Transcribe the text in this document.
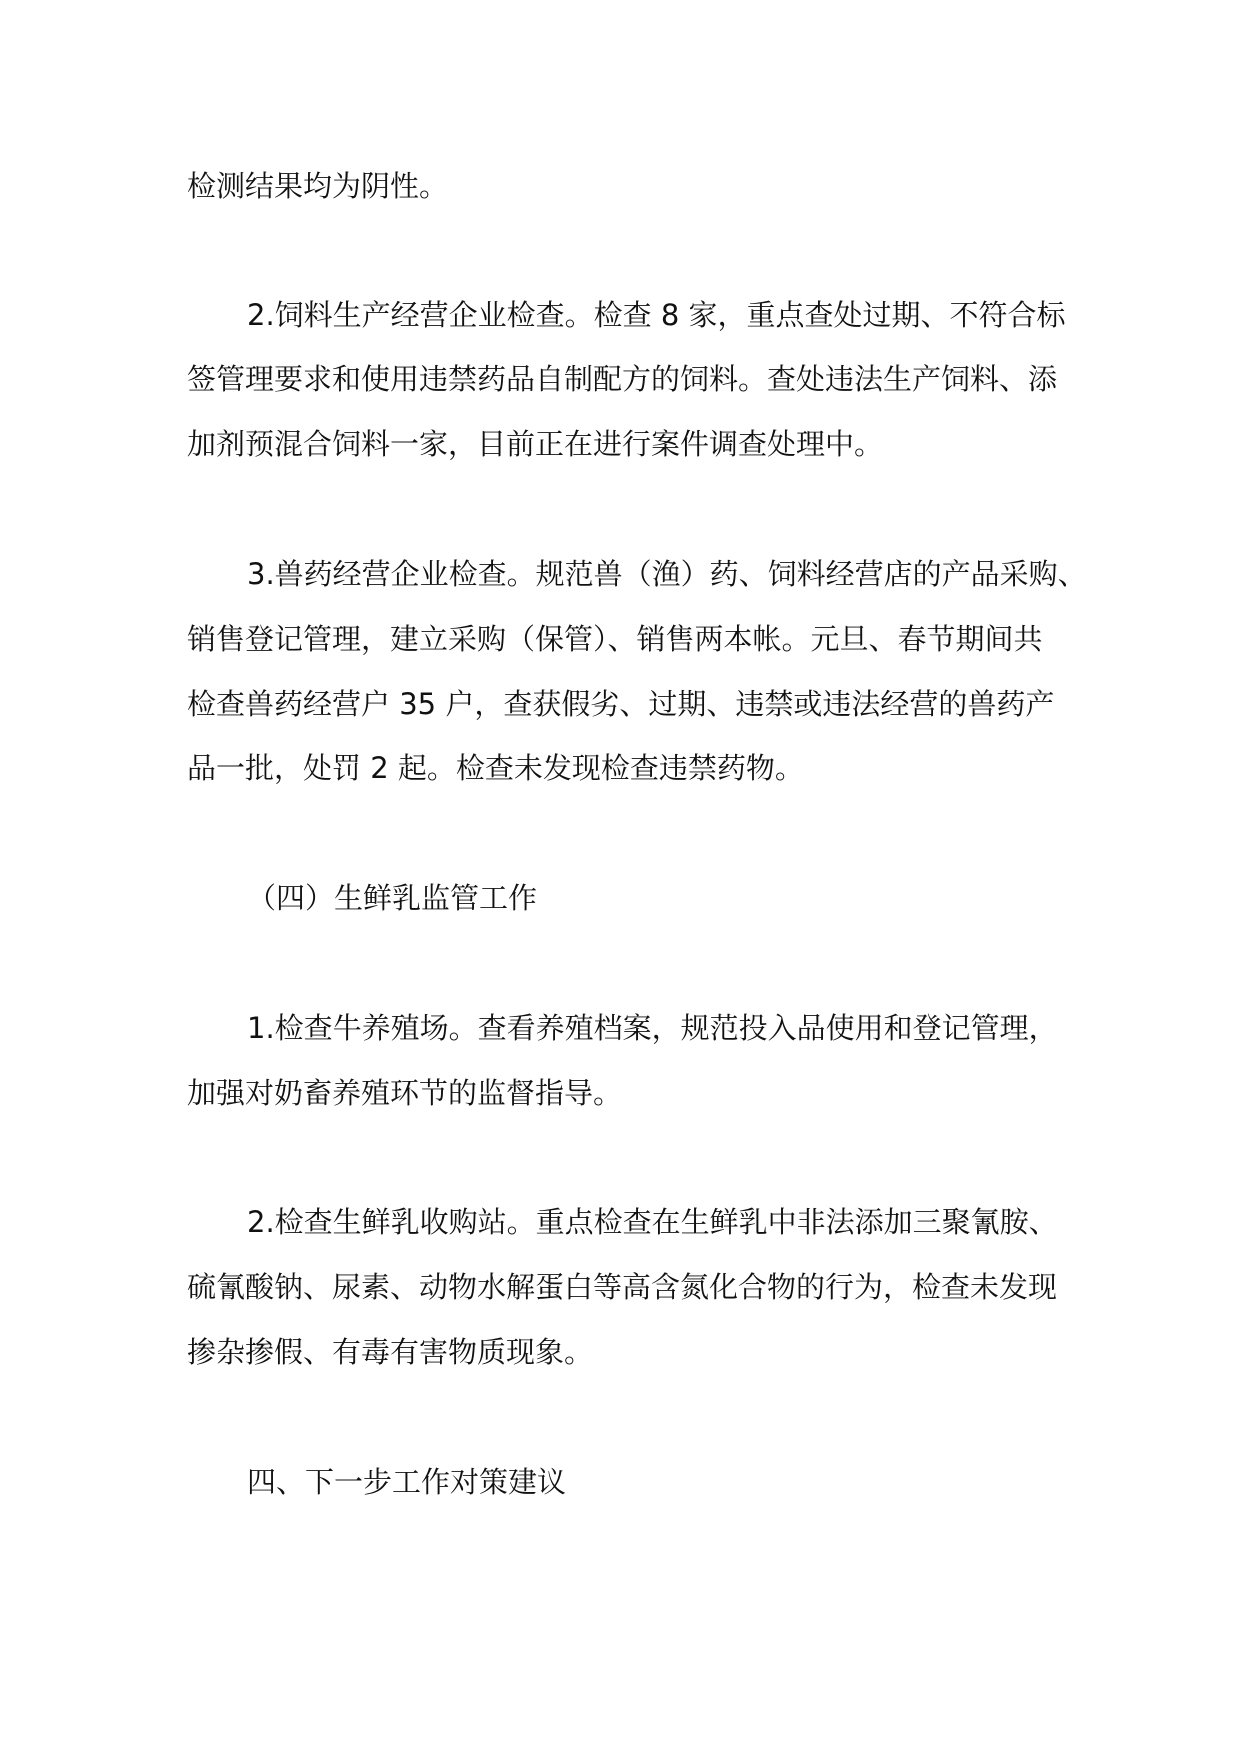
检测结果均为阴性。
2.饲料生产经营企业检查。检查 8 家，重点查处过期、不符合标
签管理要求和使用违禁药品自制配方的饲料。查处违法生产饲料、添
加剂预混合饲料一家，目前正在进行案件调查处理中。
3.兽药经营企业检查。规范兽（渔）药、饲料经营店的产品采购、
销售登记管理，建立采购（保管）、销售两本帐。元旦、春节期间共
检查兽药经营户 35 户，查获假劣、过期、违禁或违法经营的兽药产
品一批，处罚 2 起。检查未发现检查违禁药物。
（四）生鲜乳监管工作
1.检查牛养殖场。查看养殖档案，规范投入品使用和登记管理，
加强对奶畜养殖环节的监督指导。
2.检查生鲜乳收购站。重点检查在生鲜乳中非法添加三聚氰胺、
硫氰酸钠、尿素、动物水解蛋白等高含氮化合物的行为，检查未发现
掺杂掺假、有毒有害物质现象。
四、下一步工作对策建议
